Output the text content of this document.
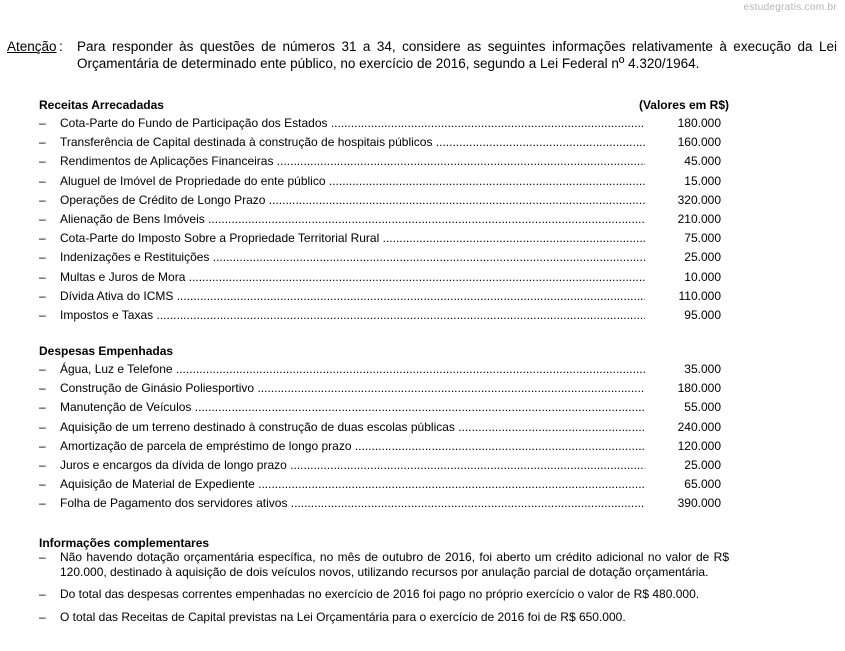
estudegratis.com.br
Atenção : Para responder às questões de números 31 a 34, considere as seguintes informações relativamente à execução da Lei Orçamentária de determinado ente público, no exercício de 2016, segundo a Lei Federal nº 4.320/1964.
Receitas Arrecadadas	(Valores em R$)
– Cota-Parte do Fundo de Participação dos Estados .....	180.000
– Transferência de Capital destinada à construção de hospitais públicos .....	160.000
– Rendimentos de Aplicações Financeiras .....	45.000
– Aluguel de Imóvel de Propriedade do ente público .....	15.000
– Operações de Crédito de Longo Prazo .....	320.000
– Alienação de Bens Imóveis .....	210.000
– Cota-Parte do Imposto Sobre a Propriedade Territorial Rural .....	75.000
– Indenizações e Restituições .....	25.000
– Multas e Juros de Mora .....	10.000
– Dívida Ativa do ICMS .....	110.000
– Impostos e Taxas .....	95.000
Despesas Empenhadas
– Água, Luz e Telefone .....	35.000
– Construção de Ginásio Poliesportivo .....	180.000
– Manutenção de Veículos .....	55.000
– Aquisição de um terreno destinado à construção de duas escolas públicas .....	240.000
– Amortização de parcela de empréstimo de longo prazo .....	120.000
– Juros e encargos da dívida de longo prazo .....	25.000
– Aquisição de Material de Expediente .....	65.000
– Folha de Pagamento dos servidores ativos .....	390.000
Informações complementares
– Não havendo dotação orçamentária específica, no mês de outubro de 2016, foi aberto um crédito adicional no valor de R$ 120.000, destinado à aquisição de dois veículos novos, utilizando recursos por anulação parcial de dotação orçamentária.
– Do total das despesas correntes empenhadas no exercício de 2016 foi pago no próprio exercício o valor de R$ 480.000.
– O total das Receitas de Capital previstas na Lei Orçamentária para o exercício de 2016 foi de R$ 650.000.
